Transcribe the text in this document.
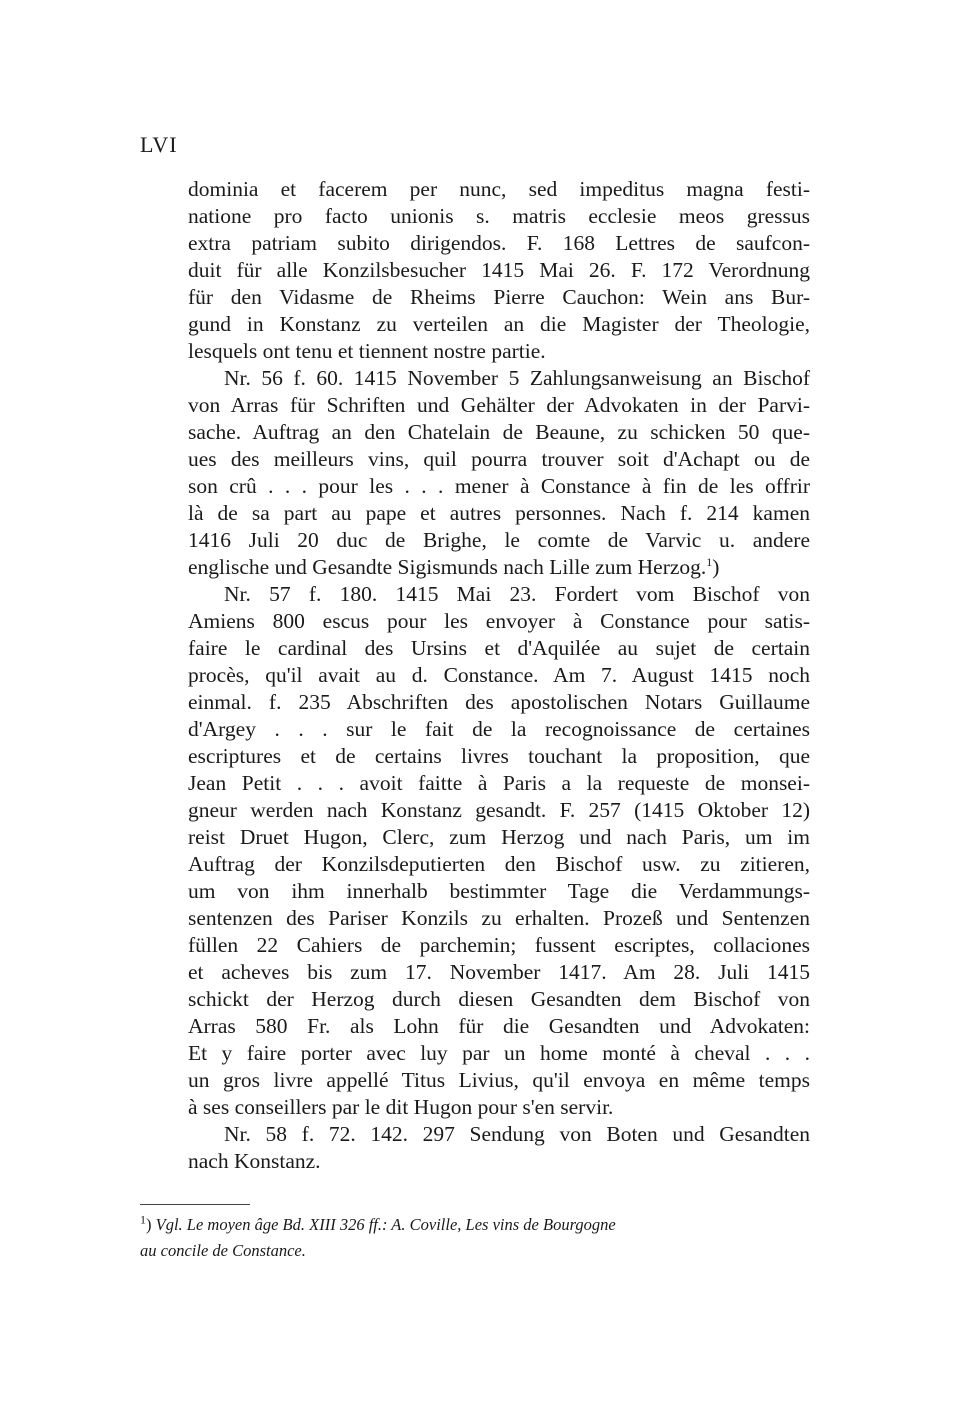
LVI
dominia et facerem per nunc, sed impeditus magna festi-
natione pro facto unionis s. matris ecclesie meos gressus
extra patriam subito dirigendos. F. 168 Lettres de saufcon-
duit für alle Konzilsbesucher 1415 Mai 26. F. 172 Verordnung
für den Vidasme de Rheims Pierre Cauchon: Wein ans Bur-
gund in Konstanz zu verteilen an die Magister der Theologie,
lesquels ont tenu et tiennent nostre partie.
Nr. 56 f. 60. 1415 November 5 Zahlungsanweisung an Bischof
von Arras für Schriften und Gehälter der Advokaten in der Parvi-
sache. Auftrag an den Chatelain de Beaune, zu schicken 50 que-
ues des meilleurs vins, quil pourra trouver soit d'Achapt ou de
son crû . . . pour les . . . mener à Constance à fin de les offrir
là de sa part au pape et autres personnes. Nach f. 214 kamen
1416 Juli 20 duc de Brighe, le comte de Varvic u. andere
englische und Gesandte Sigismunds nach Lille zum Herzog.$^1$)
Nr. 57 f. 180. 1415 Mai 23. Fordert vom Bischof von
Amiens 800 escus pour les envoyer à Constance pour satis-
faire le cardinal des Ursins et d'Aquilée au sujet de certain
procès, qu'il avait au d. Constance. Am 7. August 1415 noch
einmal. f. 235 Abschriften des apostolischen Notars Guillaume
d'Argey . . . sur le fait de la recognoissance de certaines
escriptures et de certains livres touchant la proposition, que
Jean Petit . . . avoit faitte à Paris a la requeste de monsei-
gneur werden nach Konstanz gesandt. F. 257 (1415 Oktober 12)
reist Druet Hugon, Clerc, zum Herzog und nach Paris, um im
Auftrag der Konzilsdeputierten den Bischof usw. zu zitieren,
um von ihm innerhalb bestimmter Tage die Verdammungs-
sentenzen des Pariser Konzils zu erhalten. Prozeß und Sentenzen
füllen 22 Cahiers de parchemin; fussent escriptes, collaciones
et acheves bis zum 17. November 1417. Am 28. Juli 1415
schickt der Herzog durch diesen Gesandten dem Bischof von
Arras 580 Fr. als Lohn für die Gesandten und Advokaten:
Et y faire porter avec luy par un home monté à cheval . . .
un gros livre appellé Titus Livius, qu'il envoya en même temps
à ses conseillers par le dit Hugon pour s'en servir.
Nr. 58 f. 72. 142. 297 Sendung von Boten und Gesandten
nach Konstanz.
$^1$) Vgl. Le moyen âge Bd. XIII 326 ff.: A. Coville, Les vins de Bourgogne
au concile de Constance.
